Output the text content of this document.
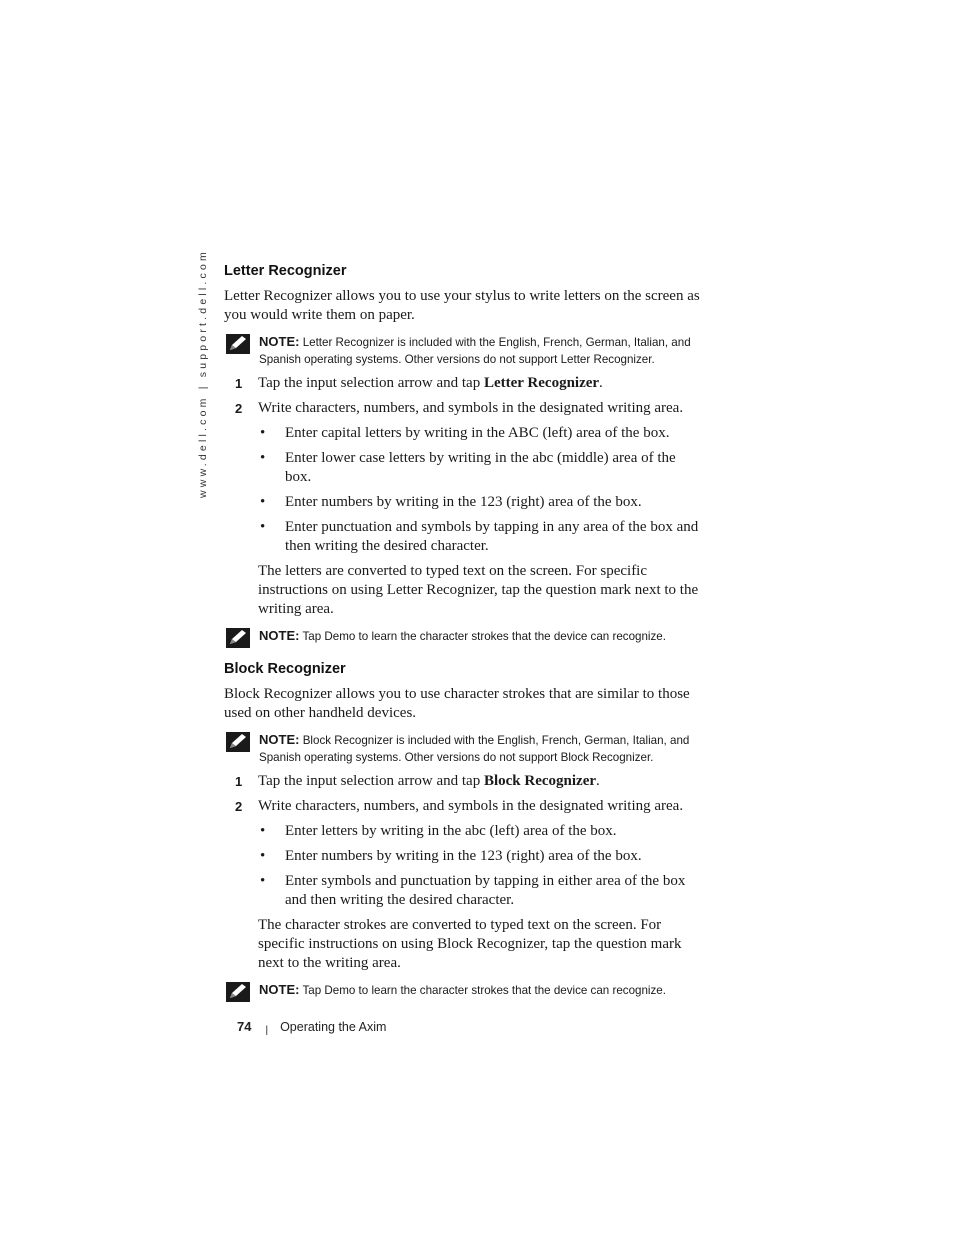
www.dell.com | support.dell.com Letter Recognizer

Letter Recognizer allows you to use your stylus to write letters on the screen as you would write them on paper.

NOTE: Letter Recognizer is included with the English, French, German, Italian, and Spanish operating systems. Other versions do not support Letter Recognizer.
1 Tap the input selection arrow and tap Letter Recognizer.
2 Write characters, numbers, and symbols in the designated writing area.
• Enter capital letters by writing in the ABC (left) area of the box.
• Enter lower case letters by writing in the abc (middle) area of the box.
• Enter numbers by writing in the 123 (right) area of the box.
• Enter punctuation and symbols by tapping in any area of the box and then writing the desired character.
The letters are converted to typed text on the screen. For specific instructions on using Letter Recognizer, tap the question mark next to the writing area.
NOTE: Tap Demo to learn the character strokes that the device can recognize.
Block Recognizer

Block Recognizer allows you to use character strokes that are similar to those used on other handheld devices.

NOTE: Block Recognizer is included with the English, French, German, Italian, and Spanish operating systems. Other versions do not support Block Recognizer.
1 Tap the input selection arrow and tap Block Recognizer.
2 Write characters, numbers, and symbols in the designated writing area.
• Enter letters by writing in the abc (left) area of the box.
• Enter numbers by writing in the 123 (right) area of the box.
• Enter symbols and punctuation by tapping in either area of the box and then writing the desired character.
The character strokes are converted to typed text on the screen. For specific instructions on using Block Recognizer, tap the question mark next to the writing area.
NOTE: Tap Demo to learn the character strokes that the device can recognize.
74 | Operating the Axim
